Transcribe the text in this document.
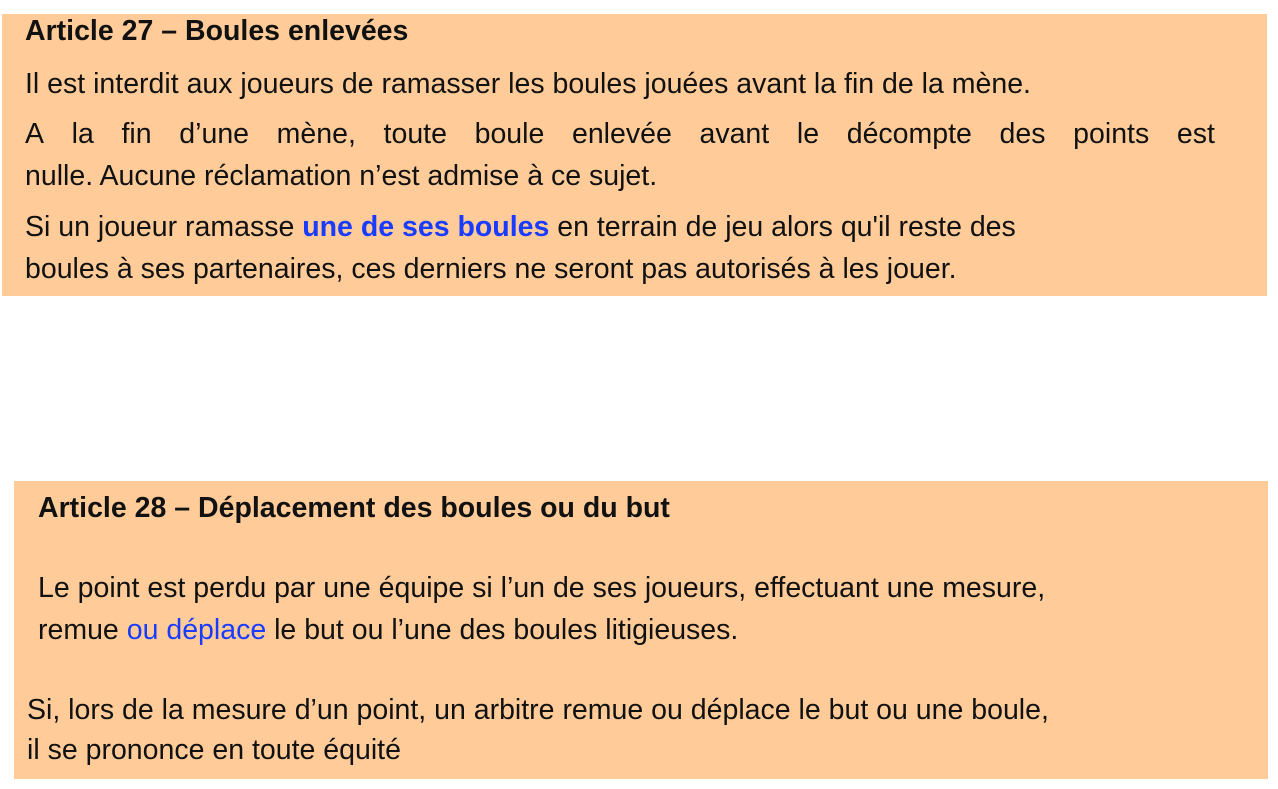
Article 27 – Boules enlevées
Il est interdit aux joueurs de ramasser les boules jouées avant la fin de la mène.
A la fin d’une mène, toute boule enlevée avant le décompte des points est
nulle. Aucune réclamation n’est admise à ce sujet.
Si un joueur ramasse une de ses boules en terrain de jeu alors qu'il reste des
boules à ses partenaires, ces derniers ne seront pas autorisés à les jouer.
Article 28 – Déplacement des boules ou du but
Le point est perdu par une équipe si l’un de ses joueurs, effectuant une mesure,
remue ou déplace le but ou l’une des boules litigieuses.
Si, lors de la mesure d’un point, un arbitre remue ou déplace le but ou une boule,
il se prononce en toute équité
